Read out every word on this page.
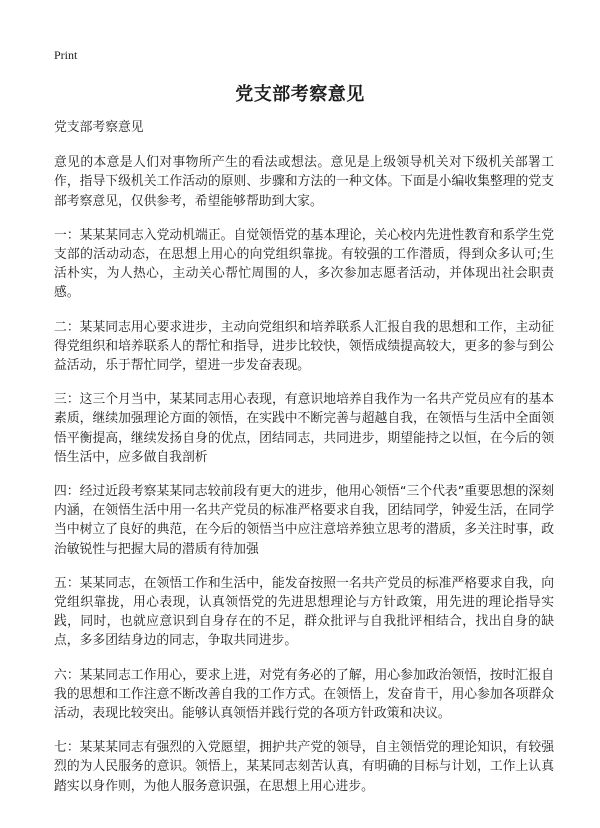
Print
党支部考察意见

党支部考察意见

意见的本意是人们对事物所产生的看法或想法。意见是上级领导机关对下级机关部署工作，指导下级机关工作活动的原则、步骤和方法的一种文体。下面是小编收集整理的党支部考察意见，仅供参考，希望能够帮助到大家。

一：某某某同志入党动机端正。自觉领悟党的基本理论，关心校内先进性教育和系学生党支部的活动动态，在思想上用心的向党组织靠拢。有较强的工作潜质，得到众多认可;生活朴实，为人热心，主动关心帮忙周围的人，多次参加志愿者活动，并体现出社会职责感。

二：某某同志用心要求进步，主动向党组织和培养联系人汇报自我的思想和工作，主动征得党组织和培养联系人的帮忙和指导，进步比较快，领悟成绩提高较大，更多的参与到公益活动，乐于帮忙同学，望进一步发奋表现。

三：这三个月当中，某某同志用心表现，有意识地培养自我作为一名共产党员应有的基本素质，继续加强理论方面的领悟，在实践中不断完善与超越自我，在领悟与生活中全面领悟平衡提高，继续发扬自身的优点，团结同志，共同进步，期望能持之以恒，在今后的领悟生活中，应多做自我剖析

四：经过近段考察某某同志较前段有更大的进步，他用心领悟“三个代表”重要思想的深刻内涵，在领悟生活中用一名共产党员的标准严格要求自我，团结同学，钟爱生活，在同学当中树立了良好的典范，在今后的领悟当中应注意培养独立思考的潜质，多关注时事，政治敏锐性与把握大局的潜质有待加强

五：某某同志，在领悟工作和生活中，能发奋按照一名共产党员的标准严格要求自我，向党组织靠拢，用心表现，认真领悟党的先进思想理论与方针政策，用先进的理论指导实践，同时，也就应意识到自身存在的不足，群众批评与自我批评相结合，找出自身的缺点，多多团结身边的同志，争取共同进步。

六：某某同志工作用心，要求上进，对党有务必的了解，用心参加政治领悟，按时汇报自我的思想和工作注意不断改善自我的工作方式。在领悟上，发奋肯干，用心参加各项群众活动，表现比较突出。能够认真领悟并践行党的各项方针政策和决议。

七：某某某同志有强烈的入党愿望，拥护共产党的领导，自主领悟党的理论知识，有较强烈的为人民服务的意识。领悟上，某某同志刻苦认真，有明确的目标与计划，工作上认真踏实以身作则，为他人服务意识强，在思想上用心进步。
